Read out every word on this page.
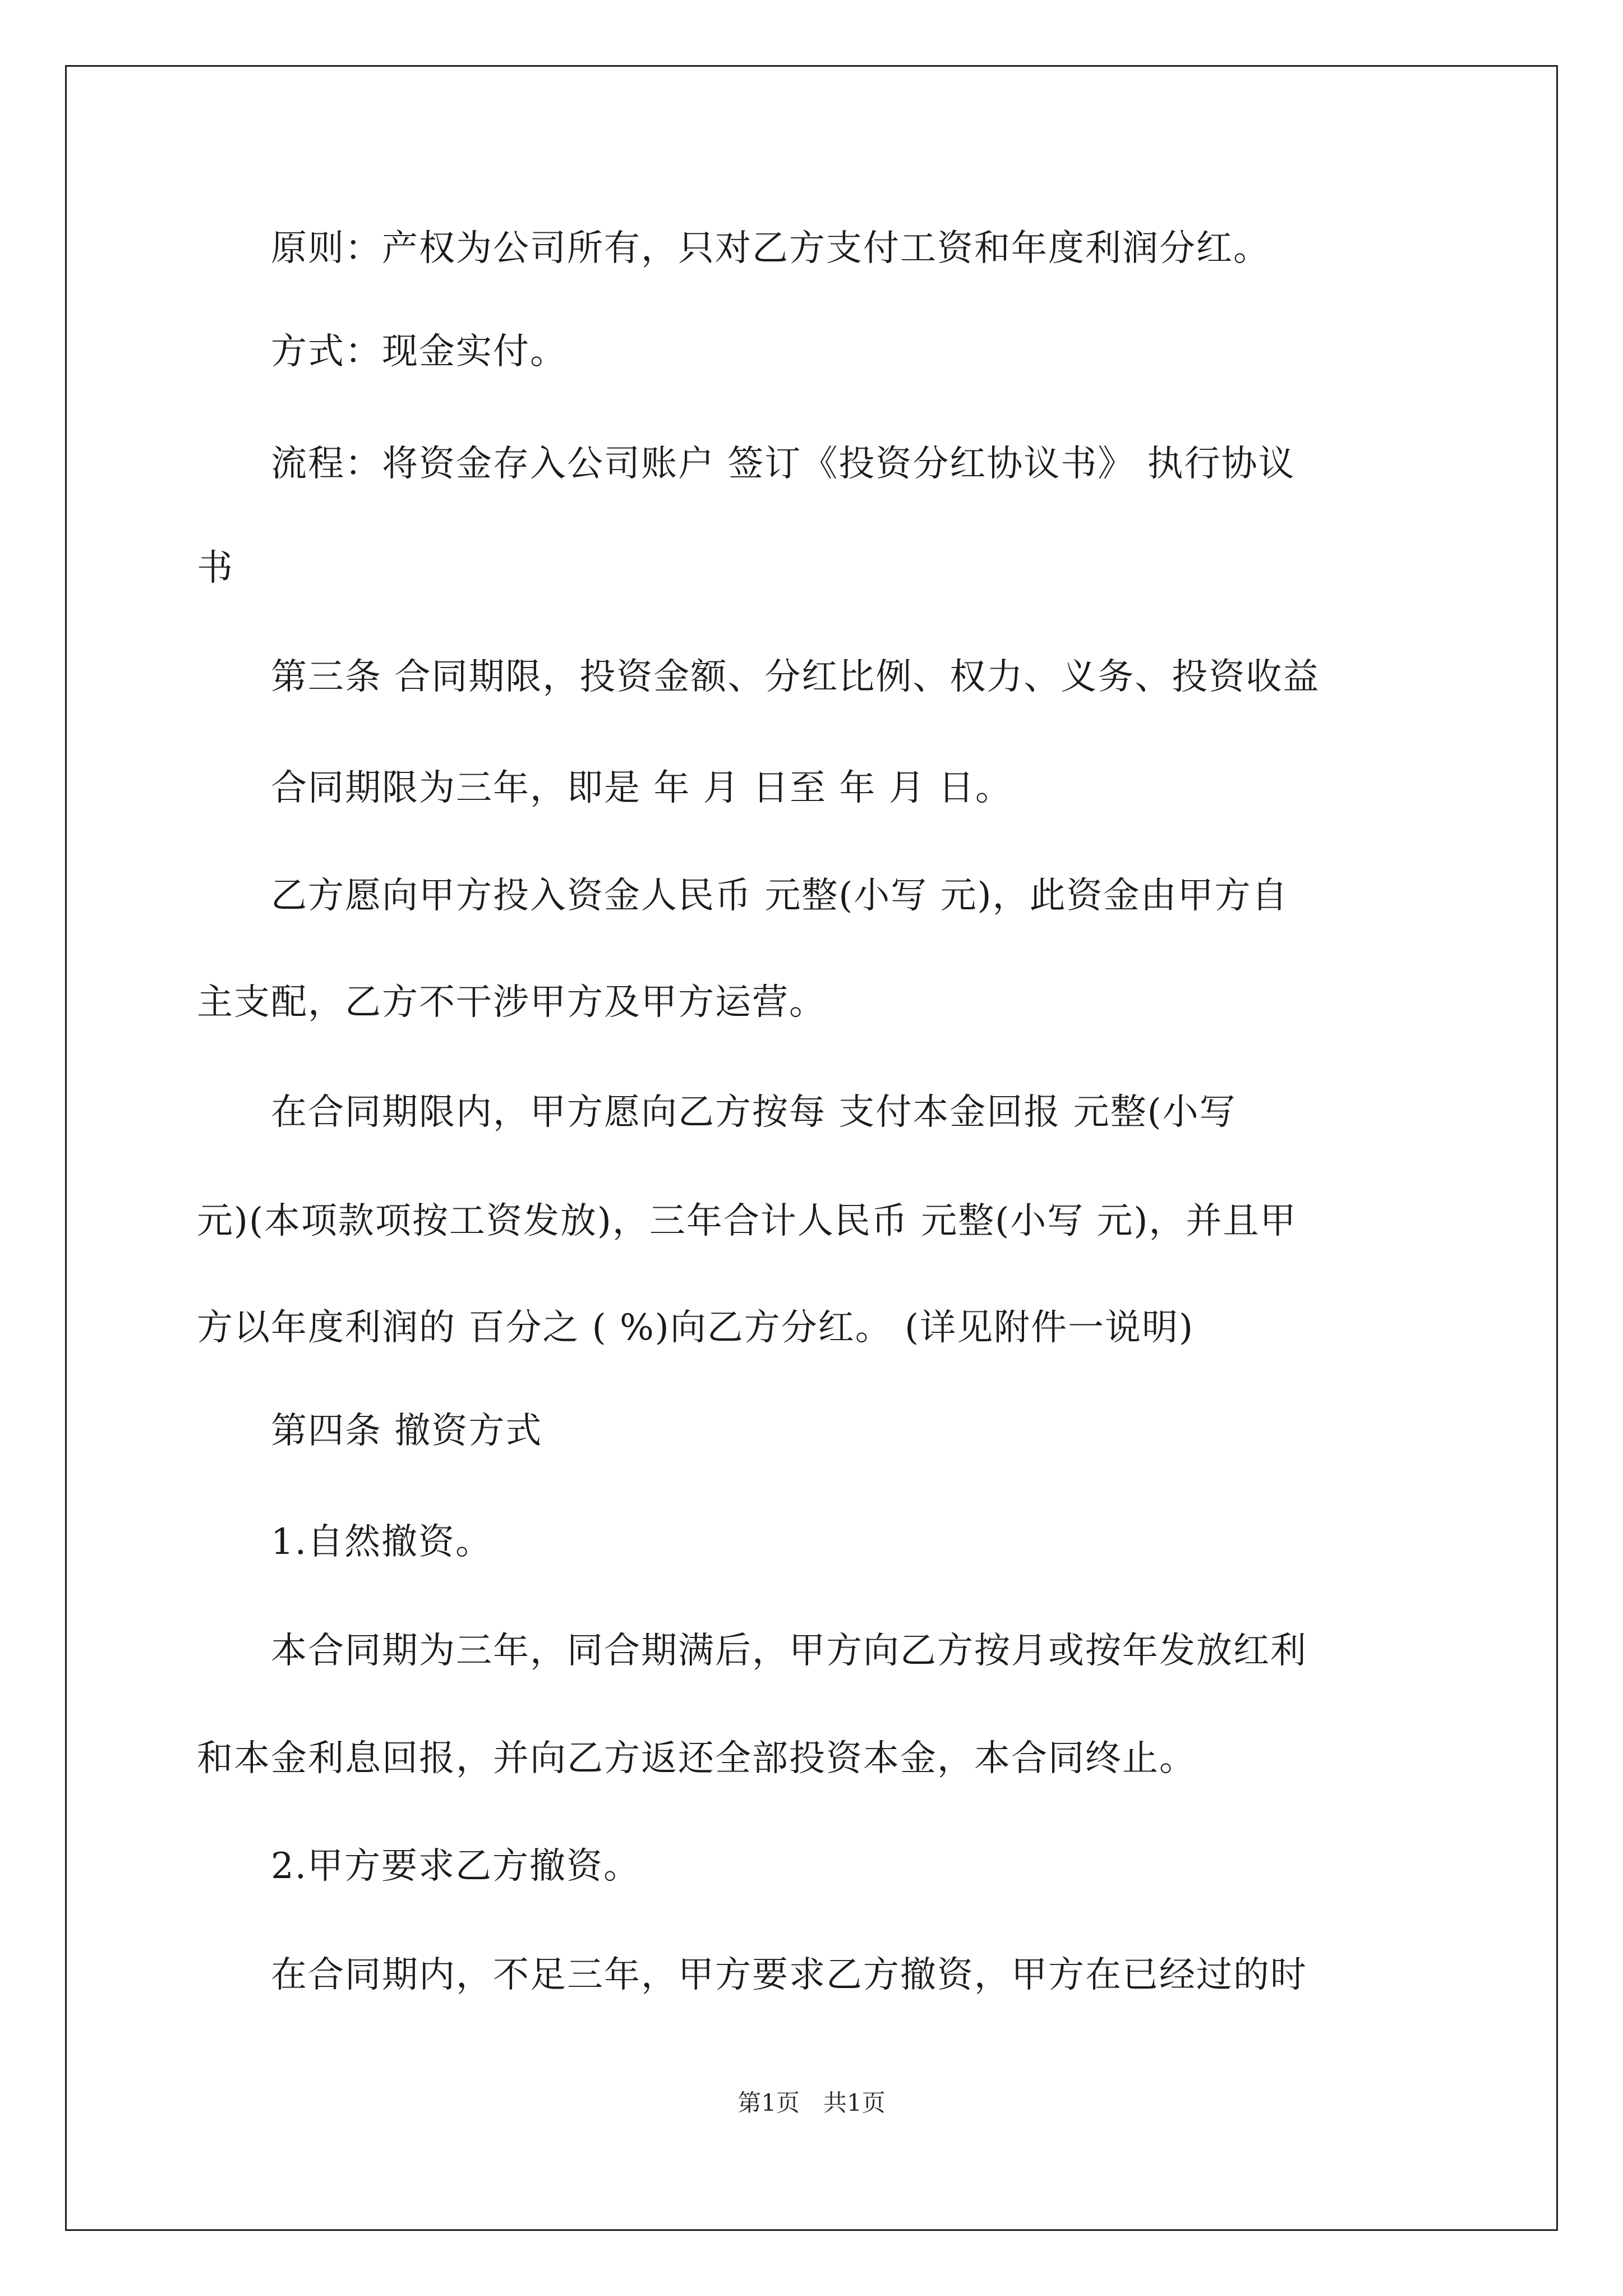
　　原则：产权为公司所有，只对乙方支付工资和年度利润分红。
　　方式：现金实付。
　　流程：将资金存入公司账户 签订《投资分红协议书》 执行协议
书
　　第三条 合同期限，投资金额、分红比例、权力、义务、投资收益
　　合同期限为三年，即是 年 月 日至 年 月 日。
　　乙方愿向甲方投入资金人民币 元整(小写 元)，此资金由甲方自
主支配，乙方不干涉甲方及甲方运营。
　　在合同期限内，甲方愿向乙方按每 支付本金回报 元整(小写
元)(本项款项按工资发放)，三年合计人民币 元整(小写 元)，并且甲
方以年度利润的 百分之 ( %)向乙方分红。 (详见附件一说明)
　　第四条 撤资方式
　　1.自然撤资。
　　本合同期为三年，同合期满后，甲方向乙方按月或按年发放红利
和本金利息回报，并向乙方返还全部投资本金，本合同终止。
　　2.甲方要求乙方撤资。
　　在合同期内，不足三年，甲方要求乙方撤资，甲方在已经过的时
第1页　共1页
